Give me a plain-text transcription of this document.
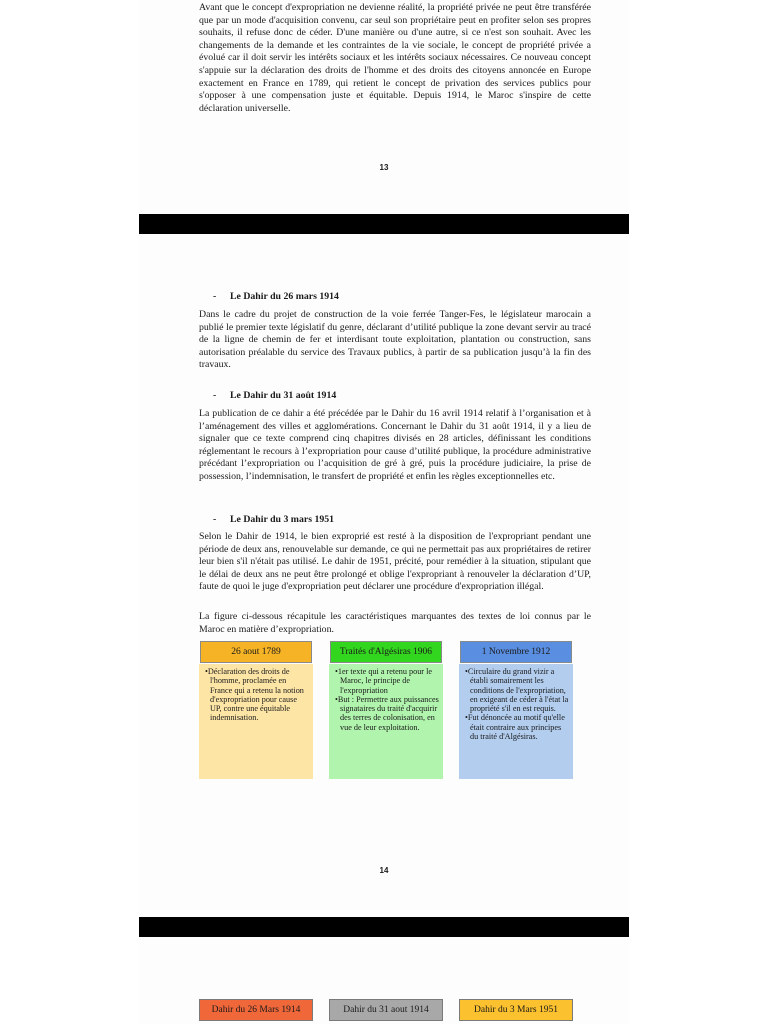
Avant que le concept d'expropriation ne devienne réalité, la propriété privée ne peut être transférée que par un mode d'acquisition convenu, car seul son propriétaire peut en profiter selon ses propres souhaits, il refuse donc de céder. D'une manière ou d'une autre, si ce n'est son souhait. Avec les changements de la demande et les contraintes de la vie sociale, le concept de propriété privée a évolué car il doit servir les intérêts sociaux et les intérêts sociaux nécessaires. Ce nouveau concept s'appuie sur la déclaration des droits de l'homme et des droits des citoyens annoncée en Europe exactement en France en 1789, qui retient le concept de privation des services publics pour s'opposer à une compensation juste et équitable. Depuis 1914, le Maroc s'inspire de cette déclaration universelle.

13

- Le Dahir du 26 mars 1914

Dans le cadre du projet de construction de la voie ferrée Tanger-Fes, le législateur marocain a publié le premier texte législatif du genre, déclarant d’utilité publique la zone devant servir au tracé de la ligne de chemin de fer et interdisant toute exploitation, plantation ou construction, sans autorisation préalable du service des Travaux publics, à partir de sa publication jusqu’à la fin des travaux.

- Le Dahir du 31 août 1914

La publication de ce dahir a été précédée par le Dahir du 16 avril 1914 relatif à l’organisation et à l’aménagement des villes et agglomérations. Concernant le Dahir du 31 août 1914, il y a lieu de signaler que ce texte comprend cinq chapitres divisés en 28 articles, définissant les conditions réglementant le recours à l’expropriation pour cause d’utilité publique, la procédure administrative précédant l’expropriation ou l’acquisition de gré à gré, puis la procédure judiciaire, la prise de possession, l’indemnisation, le transfert de propriété et enfin les règles exceptionnelles etc.

- Le Dahir du 3 mars 1951

Selon le Dahir de 1914, le bien exproprié est resté à la disposition de l'expropriant pendant une période de deux ans, renouvelable sur demande, ce qui ne permettait pas aux propriétaires de retirer leur bien s'il n'était pas utilisé. Le dahir de 1951, précité, pour remédier à la situation, stipulant que le délai de deux ans ne peut être prolongé et oblige l'expropriant à renouveler la déclaration d’UP, faute de quoi le juge d'expropriation peut déclarer une procédure d'expropriation illégal.

La figure ci-dessous récapitule les caractéristiques marquantes des textes de loi connus par le Maroc en matière d’expropriation.

26 aout 1789
• Déclaration des droits de l'homme, proclamée en France qui a retenu la notion d'expropriation pour cause UP, contre une équitable indemnisation.
Traités d'Algésiras 1906
• 1er texte qui a retenu pour le Maroc, le principe de l'expropriation
• But : Permettre aux puissances signataires du traité d'acquirir des terres de colonisation, en vue de leur exploitation.
1 Novembre 1912
• Circulaire du grand vizir a établi somairement les conditions de l'expropriation, en exigeant de céder à l'état la propriété s'il en est requis.
• Fut dénoncée au motif qu'elle était contraire aux principes du traité d'Algésiras.
14
Dahir du 26 Mars 1914	Dahir du 31 aout 1914	Dahir du 3 Mars 1951
